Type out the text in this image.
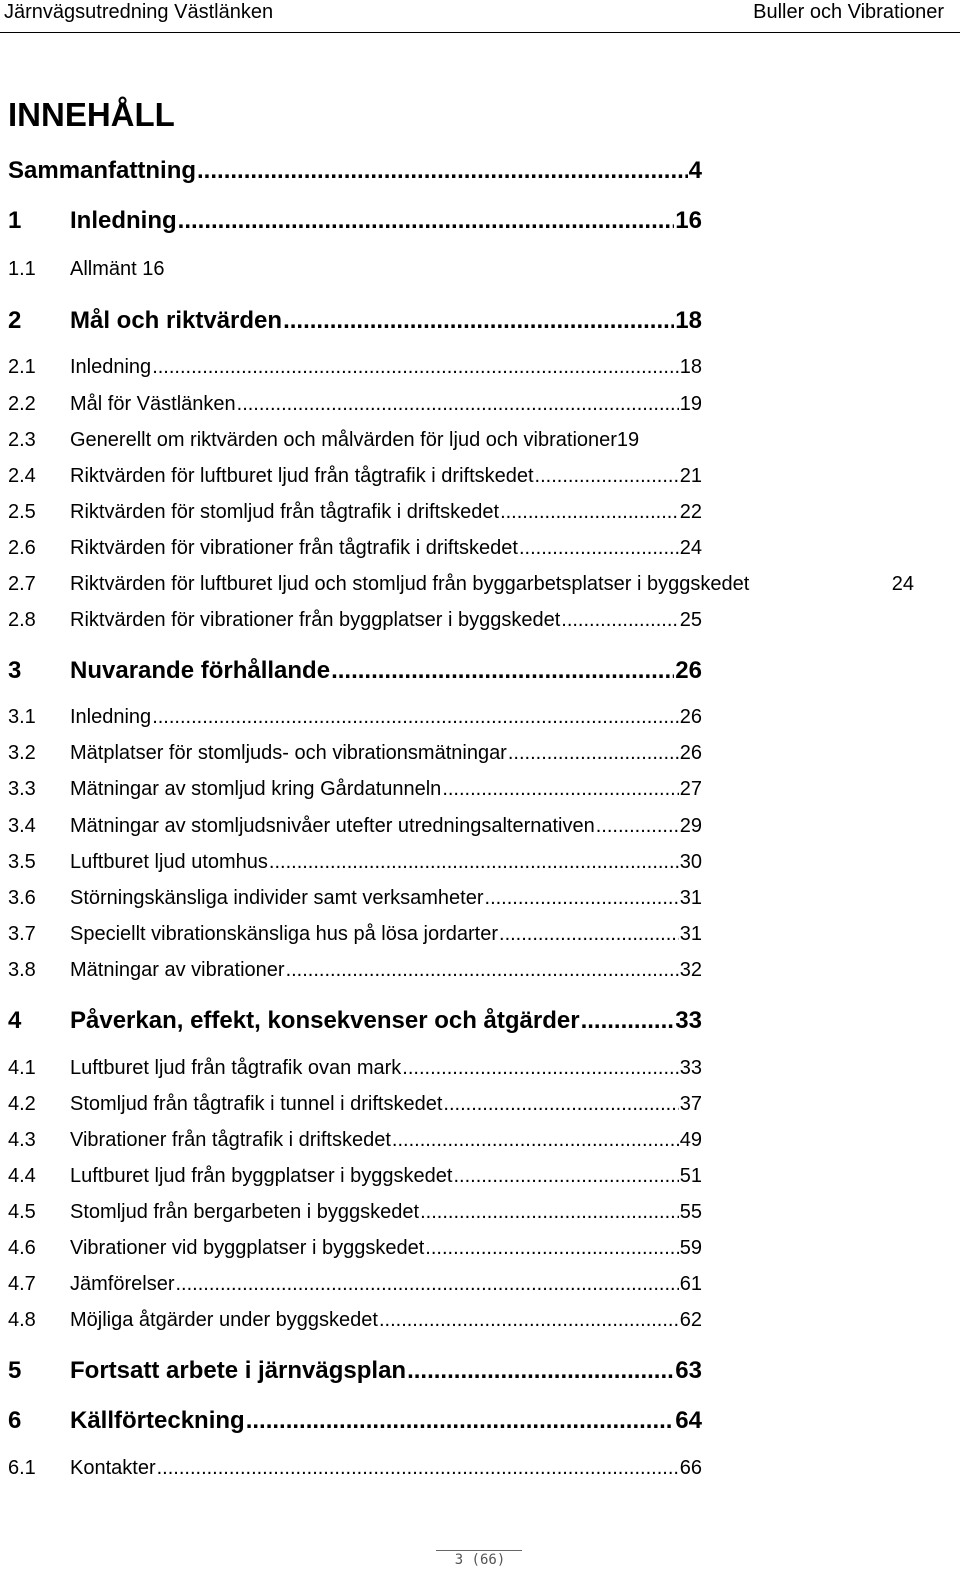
Järnvägsutredning Västlänken	Buller och Vibrationer
INNEHÅLL
Sammanfattning .....	4
1	Inledning .....	16
1.1	Allmänt 16
2	Mål och riktvärden .....	18
2.1	Inledning .....	18
2.2	Mål för Västlänken .....	19
2.3	Generellt om riktvärden och målvärden för ljud och vibrationer19
2.4	Riktvärden för luftburet ljud från tågtrafik i driftskedet .....	21
2.5	Riktvärden för stomljud från tågtrafik i driftskedet .....	22
2.6	Riktvärden för vibrationer från tågtrafik i driftskedet .....	24
2.7	Riktvärden för luftburet ljud och stomljud från byggarbetsplatser i byggskedet	24
2.8	Riktvärden för vibrationer från byggplatser i byggskedet .....	25
3	Nuvarande förhållande .....	26
3.1	Inledning .....	26
3.2	Mätplatser för stomljuds- och vibrationsmätningar .....	26
3.3	Mätningar av stomljud kring Gårdatunneln .....	27
3.4	Mätningar av stomljudsnivåer utefter utredningsalternativen .....	29
3.5	Luftburet ljud utomhus .....	30
3.6	Störningskänsliga individer samt verksamheter .....	31
3.7	Speciellt vibrationskänsliga hus på lösa jordarter .....	31
3.8	Mätningar av vibrationer .....	32
4	Påverkan, effekt, konsekvenser och åtgärder .....	33
4.1	Luftburet ljud från tågtrafik ovan mark .....	33
4.2	Stomljud från tågtrafik i tunnel i driftskedet .....	37
4.3	Vibrationer från tågtrafik i driftskedet .....	49
4.4	Luftburet ljud från byggplatser i byggskedet .....	51
4.5	Stomljud från bergarbeten i byggskedet .....	55
4.6	Vibrationer vid byggplatser i byggskedet .....	59
4.7	Jämförelser .....	61
4.8	Möjliga åtgärder under byggskedet .....	62
5	Fortsatt arbete i järnvägsplan .....	63
6	Källförteckning .....	64
6.1	Kontakter .....	66
3 (66)
